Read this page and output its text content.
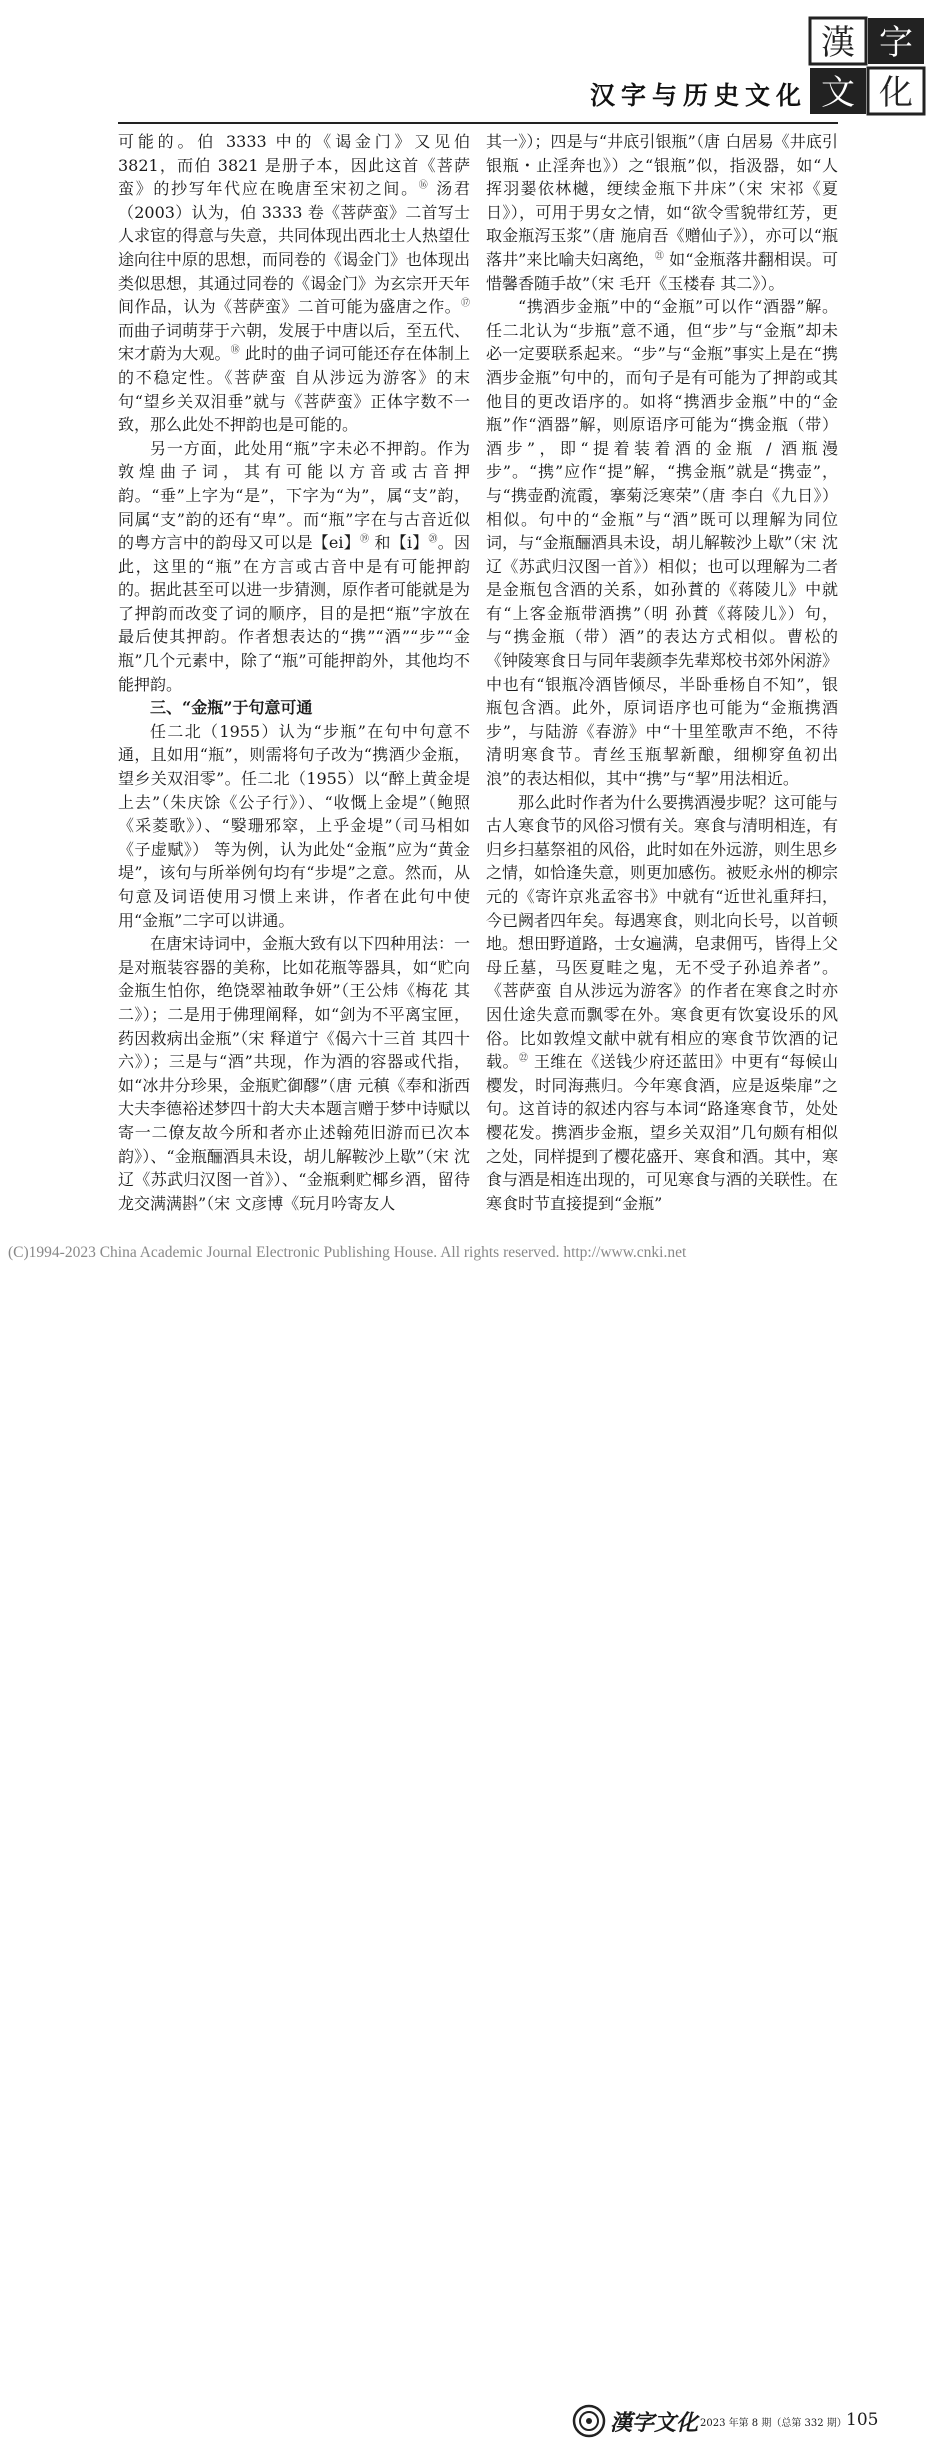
汉字与历史文化
漢 字
文 化

可能的。伯 3333 中的《谒金门》又见伯 3821，而伯 3821 是册子本，因此这首《菩萨蛮》的抄写年代应在晚唐至宋初之间。⑯ 汤君（2003）认为，伯 3333 卷《菩萨蛮》二首写士人求宦的得意与失意，共同体现出西北士人热望仕途向往中原的思想，而同卷的《谒金门》也体现出类似思想，其通过同卷的《谒金门》为玄宗开天年间作品，认为《菩萨蛮》二首可能为盛唐之作。⑰ 而曲子词萌芽于六朝，发展于中唐以后，至五代、宋才蔚为大观。⑱ 此时的曲子词可能还存在体制上的不稳定性。《菩萨蛮 自从涉远为游客》的末句“望乡关双泪垂”就与《菩萨蛮》正体字数不一致，那么此处不押韵也是可能的。

另一方面，此处用“瓶”字未必不押韵。作为敦煌曲子词，其有可能以方音或古音押韵。“垂”上字为“是”，下字为“为”，属“支”韵，同属“支”韵的还有“卑”。而“瓶”字在与古音近似的粤方言中的韵母又可以是【ei】⑲ 和【i】⑳。因此，这里的“瓶”在方言或古音中是有可能押韵的。据此甚至可以进一步猜测，原作者可能就是为了押韵而改变了词的顺序，目的是把“瓶”字放在最后使其押韵。作者想表达的“携”“酒”“步”“金瓶”几个元素中，除了“瓶”可能押韵外，其他均不能押韵。

三、“金瓶”于句意可通

任二北（1955）认为“步瓶”在句中句意不通，且如用“瓶”，则需将句子改为“携酒少金瓶，望乡关双泪零”。任二北（1955）以“醉上黄金堤上去”（朱庆馀《公子行》）、“收慨上金堤”（鲍照《采菱歌》）、“嫛珊邪窣，上乎金堤”（司马相如《子虚赋》） 等为例，认为此处“金瓶”应为“黄金堤”，该句与所举例句均有“步堤”之意。然而，从句意及词语使用习惯上来讲，作者在此句中使用“金瓶”二字可以讲通。

在唐宋诗词中，金瓶大致有以下四种用法：一是对瓶装容器的美称，比如花瓶等器具，如“贮向金瓶生怕你，绝饶翠袖敢争妍”（王公炜《梅花 其二》）；二是用于佛理阐释，如“剑为不平离宝匣，药因救病出金瓶”（宋 释道宁《偈六十三首 其四十六》）；三是与“酒”共现，作为酒的容器或代指，如“冰井分珍果，金瓶贮御醪”（唐 元稹《奉和浙西大夫李德裕述梦四十韵大夫本题言赠于梦中诗赋以寄一二僚友故今所和者亦止述翰苑旧游而已次本韵》）、“金瓶酾酒具未设，胡儿解鞍沙上歇”（宋 沈辽《苏武归汉图一首》）、“金瓶剩贮椰乡酒，留待龙交满满斟”（宋 文彦博《玩月吟寄友人

其一》）；四是与“井底引银瓶”（唐 白居易《井底引银瓶・止淫奔也》）之“银瓶”似，指汲器，如“人挥羽翣依林樾，绠续金瓶下井床”（宋 宋祁《夏日》），可用于男女之情，如“欲令雪貌带红芳，更取金瓶泻玉浆”（唐 施肩吾《赠仙子》），亦可以“瓶落井”来比喻夫妇离绝，$^㉑$ 如“金瓶落井翻相误。可惜馨香随手故”（宋 毛幵《玉楼春 其二》）。

“携酒步金瓶”中的“金瓶”可以作“酒器”解。任二北认为“步瓶”意不通，但“步”与“金瓶”却未必一定要联系起来。“步”与“金瓶”事实上是在“携酒步金瓶”句中的，而句子是有可能为了押韵或其他目的更改语序的。如将“携酒步金瓶”中的“金瓶”作“酒器”解，则原语序可能为“携金瓶（带）酒步”，即“提着装着酒的金瓶 / 酒瓶漫步”。“携”应作“提”解，“携金瓶”就是“携壶”，与“携壶酌流霞，搴菊泛寒荣”（唐 李白《九日》）相似。句中的“金瓶”与“酒”既可以理解为同位词，与“金瓶酾酒具未设，胡儿解鞍沙上歇”（宋 沈辽《苏武归汉图一首》）相似；也可以理解为二者是金瓶包含酒的关系，如孙蕡的《蒋陵儿》中就有“上客金瓶带酒携”（明 孙蕡《蒋陵儿》）句，与“携金瓶（带）酒”的表达方式相似。曹松的《钟陵寒食日与同年裴颜李先辈郑校书郊外闲游》中也有“银瓶冷酒皆倾尽，半卧垂杨自不知”，银瓶包含酒。此外，原词语序也可能为“金瓶携酒步”，与陆游《春游》中“十里笙歌声不绝，不待清明寒食节。青丝玉瓶挈新酿，细柳穿鱼初出浪”的表达相似，其中“携”与“挈”用法相近。

那么此时作者为什么要携酒漫步呢？这可能与古人寒食节的风俗习惯有关。寒食与清明相连，有归乡扫墓祭祖的风俗，此时如在外远游，则生思乡之情，如恰逢失意，则更加感伤。被贬永州的柳宗元的《寄许京兆孟容书》中就有“近世礼重拜扫，今已阙者四年矣。每遇寒食，则北向长号，以首顿地。想田野道路，士女遍满，皂隶佣丐，皆得上父母丘墓，马医夏畦之鬼，无不受子孙追养者”。《菩萨蛮 自从涉远为游客》的作者在寒食之时亦因仕途失意而飘零在外。寒食更有饮宴设乐的风俗。比如敦煌文献中就有相应的寒食节饮酒的记载。$^㉒$ 王维在《送钱少府还蓝田》中更有“每候山樱发，时同海燕归。今年寒食酒，应是返柴扉”之句。这首诗的叙述内容与本词“路逢寒食节，处处樱花发。携酒步金瓶，望乡关双泪”几句颇有相似之处，同样提到了樱花盛开、寒食和酒。其中，寒食与酒是相连出现的，可见寒食与酒的关联性。在寒食时节直接提到“金瓶”

漢字文化 2023 年第 8 期（总第 332 期） 105
(C)1994-2023 China Academic Journal Electronic Publishing House. All rights reserved. http://www.cnki.net
